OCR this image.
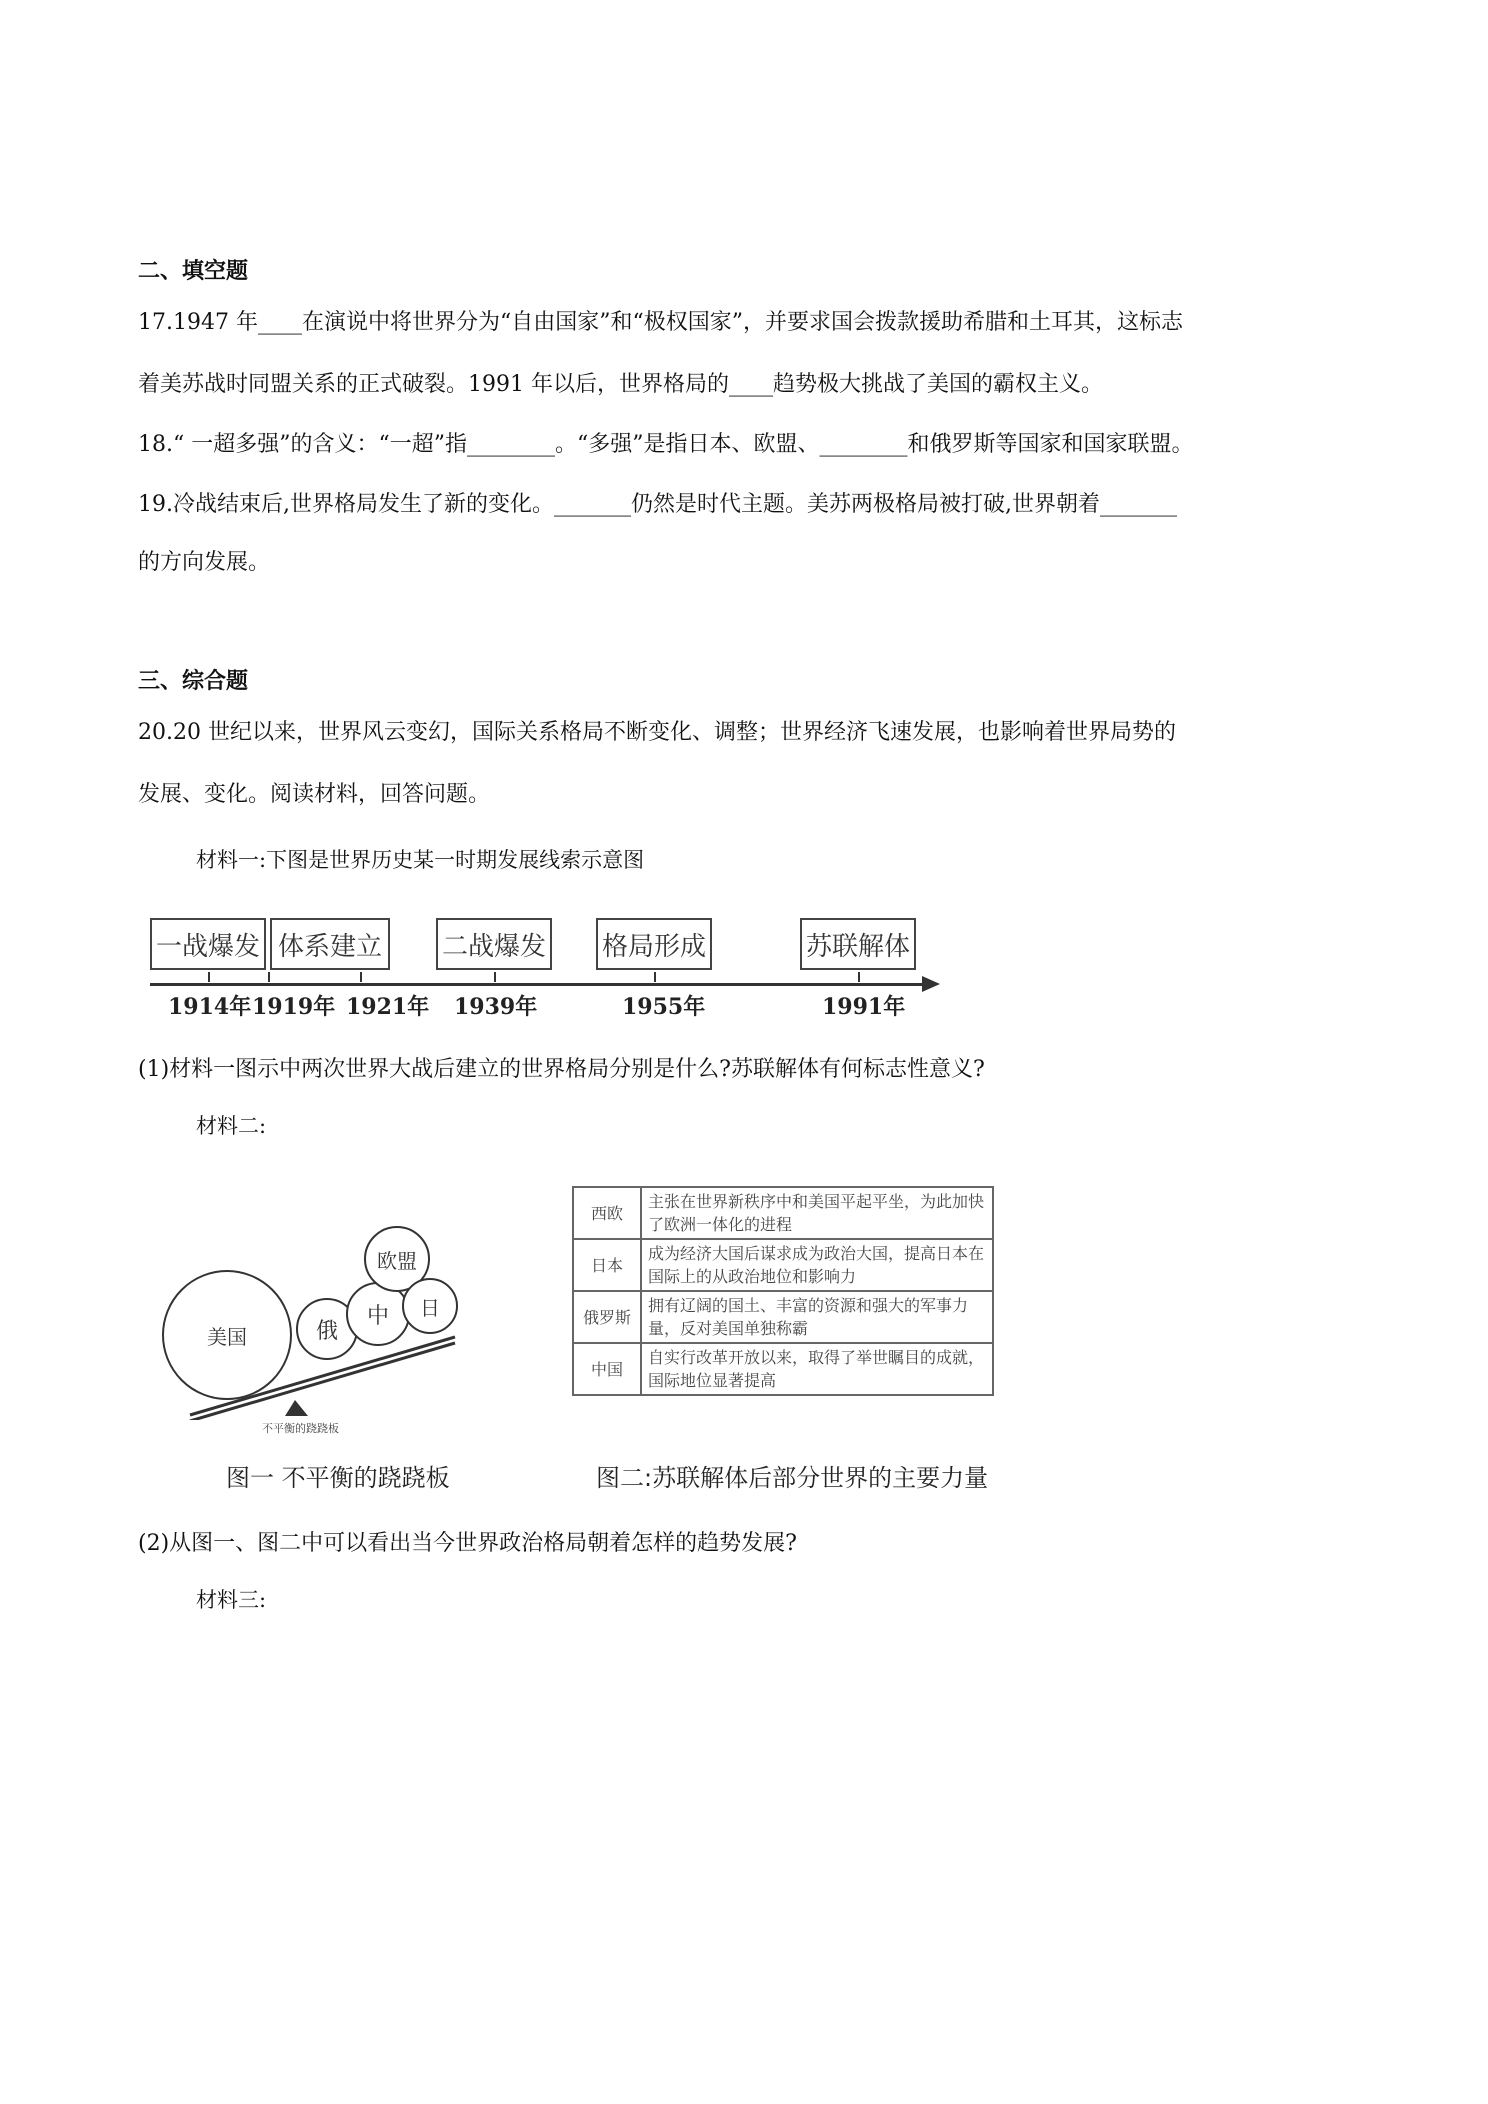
二、填空题
17.1947 年____在演说中将世界分为“自由国家”和“极权国家”，并要求国会拨款援助希腊和土耳其，这标志
着美苏战时同盟关系的正式破裂。1991 年以后，世界格局的____趋势极大挑战了美国的霸权主义。
18.“ 一超多强”的含义：“一超”指________。“多强”是指日本、欧盟、________和俄罗斯等国家和国家联盟。
19.冷战结束后,世界格局发生了新的变化。_______仍然是时代主题。美苏两极格局被打破,世界朝着_______
的方向发展。
三、综合题
20.20 世纪以来，世界风云变幻，国际关系格局不断变化、调整；世界经济飞速发展，也影响着世界局势的
发展、变化。阅读材料，回答问题。
材料一:下图是世界历史某一时期发展线索示意图
一战爆发 体系建立	二战爆发 格局形成	苏联解体
1914年 1919年 1921年 1939年	1955年	1991年
(1)材料一图示中两次世界大战后建立的世界格局分别是什么?苏联解体有何标志性意义?
材料二:
美国	俄
中
欧盟
日
不平衡的跷跷板
图一 不平衡的跷跷板
西欧	主张在世界新秩序中和美国平起平坐，为此加快了欧洲一体化的进程
日本	成为经济大国后谋求成为政治大国，提高日本在国际上的从政治地位和影响力
俄罗斯	拥有辽阔的国土、丰富的资源和强大的军事力量，反对美国单独称霸
中国	自实行改革开放以来，取得了举世瞩目的成就，国际地位显著提高
图二:苏联解体后部分世界的主要力量
(2)从图一、图二中可以看出当今世界政治格局朝着怎样的趋势发展?
材料三:
